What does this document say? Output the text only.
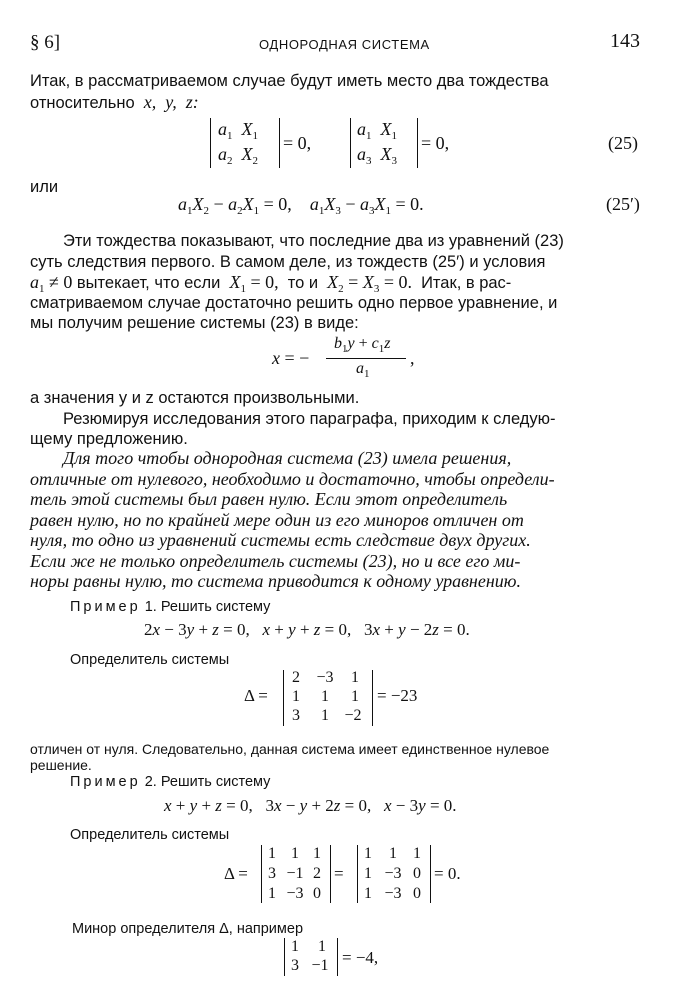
§ 6]	ОДНОРОДНАЯ СИСТЕМА	143
Итак, в рассматриваемом случае будут иметь место два тождества
относительно  x,  y,  z:
$a_1$ $X_1$
$a_2$ $X_2$
= 0,
$a_1$ $X_1$
$a_3$ $X_3$
= 0,	(25)
или
$a_1X_2 - a_2X_1 = 0$,    $a_1X_3 - a_3X_1 = 0$.	(25′)
Эти тождества показывают, что последние два из уравнений (23)
суть следствия первого. В самом деле, из тождеств (25′) и условия
$a_1 \ne 0$ вытекает, что если $X_1 = 0$,  то и $X_2 = X_3 = 0$.  Итак, в рас-
сматриваемом случае достаточно решить одно первое уравнение, и
мы получим решение системы (23) в виде:
x = −
$b_1y + c_1z$
$a_1$
,
а значения y и z остаются произвольными.
Резюмируя исследования этого параграфа, приходим к следую-
щему предложению.
Для того чтобы однородная система (23) имела решения,
отличные от нулевого, необходимо и достаточно, чтобы определи-
тель этой системы был равен нулю. Если этот определитель
равен нулю, но по крайней мере один из его миноров отличен от
нуля, то одно из уравнений системы есть следствие двух других.
Если же не только определитель системы (23), но и все его ми-
норы равны нулю, то система приводится к одному уравнению.
Пример 1. Решить систему
2x − 3y + z = 0,   x + y + z = 0,   3x + y − 2z = 0.
Определитель системы
Δ =
2	−3	1
1	1	1
3	1 −2
= −23
отличен от нуля. Следовательно, данная система имеет единственное нулевое
решение.
Пример 2. Решить систему
x + y + z = 0,   3x − y + 2z = 0,   x − 3y = 0.
Определитель системы
Δ =
1 1 1
3 −1 2
1 −3 0
=
1	1	1
1 −3 0
1 −3 0
= 0.
Минор определителя Δ, например
1	1
3 −1 = −4,
